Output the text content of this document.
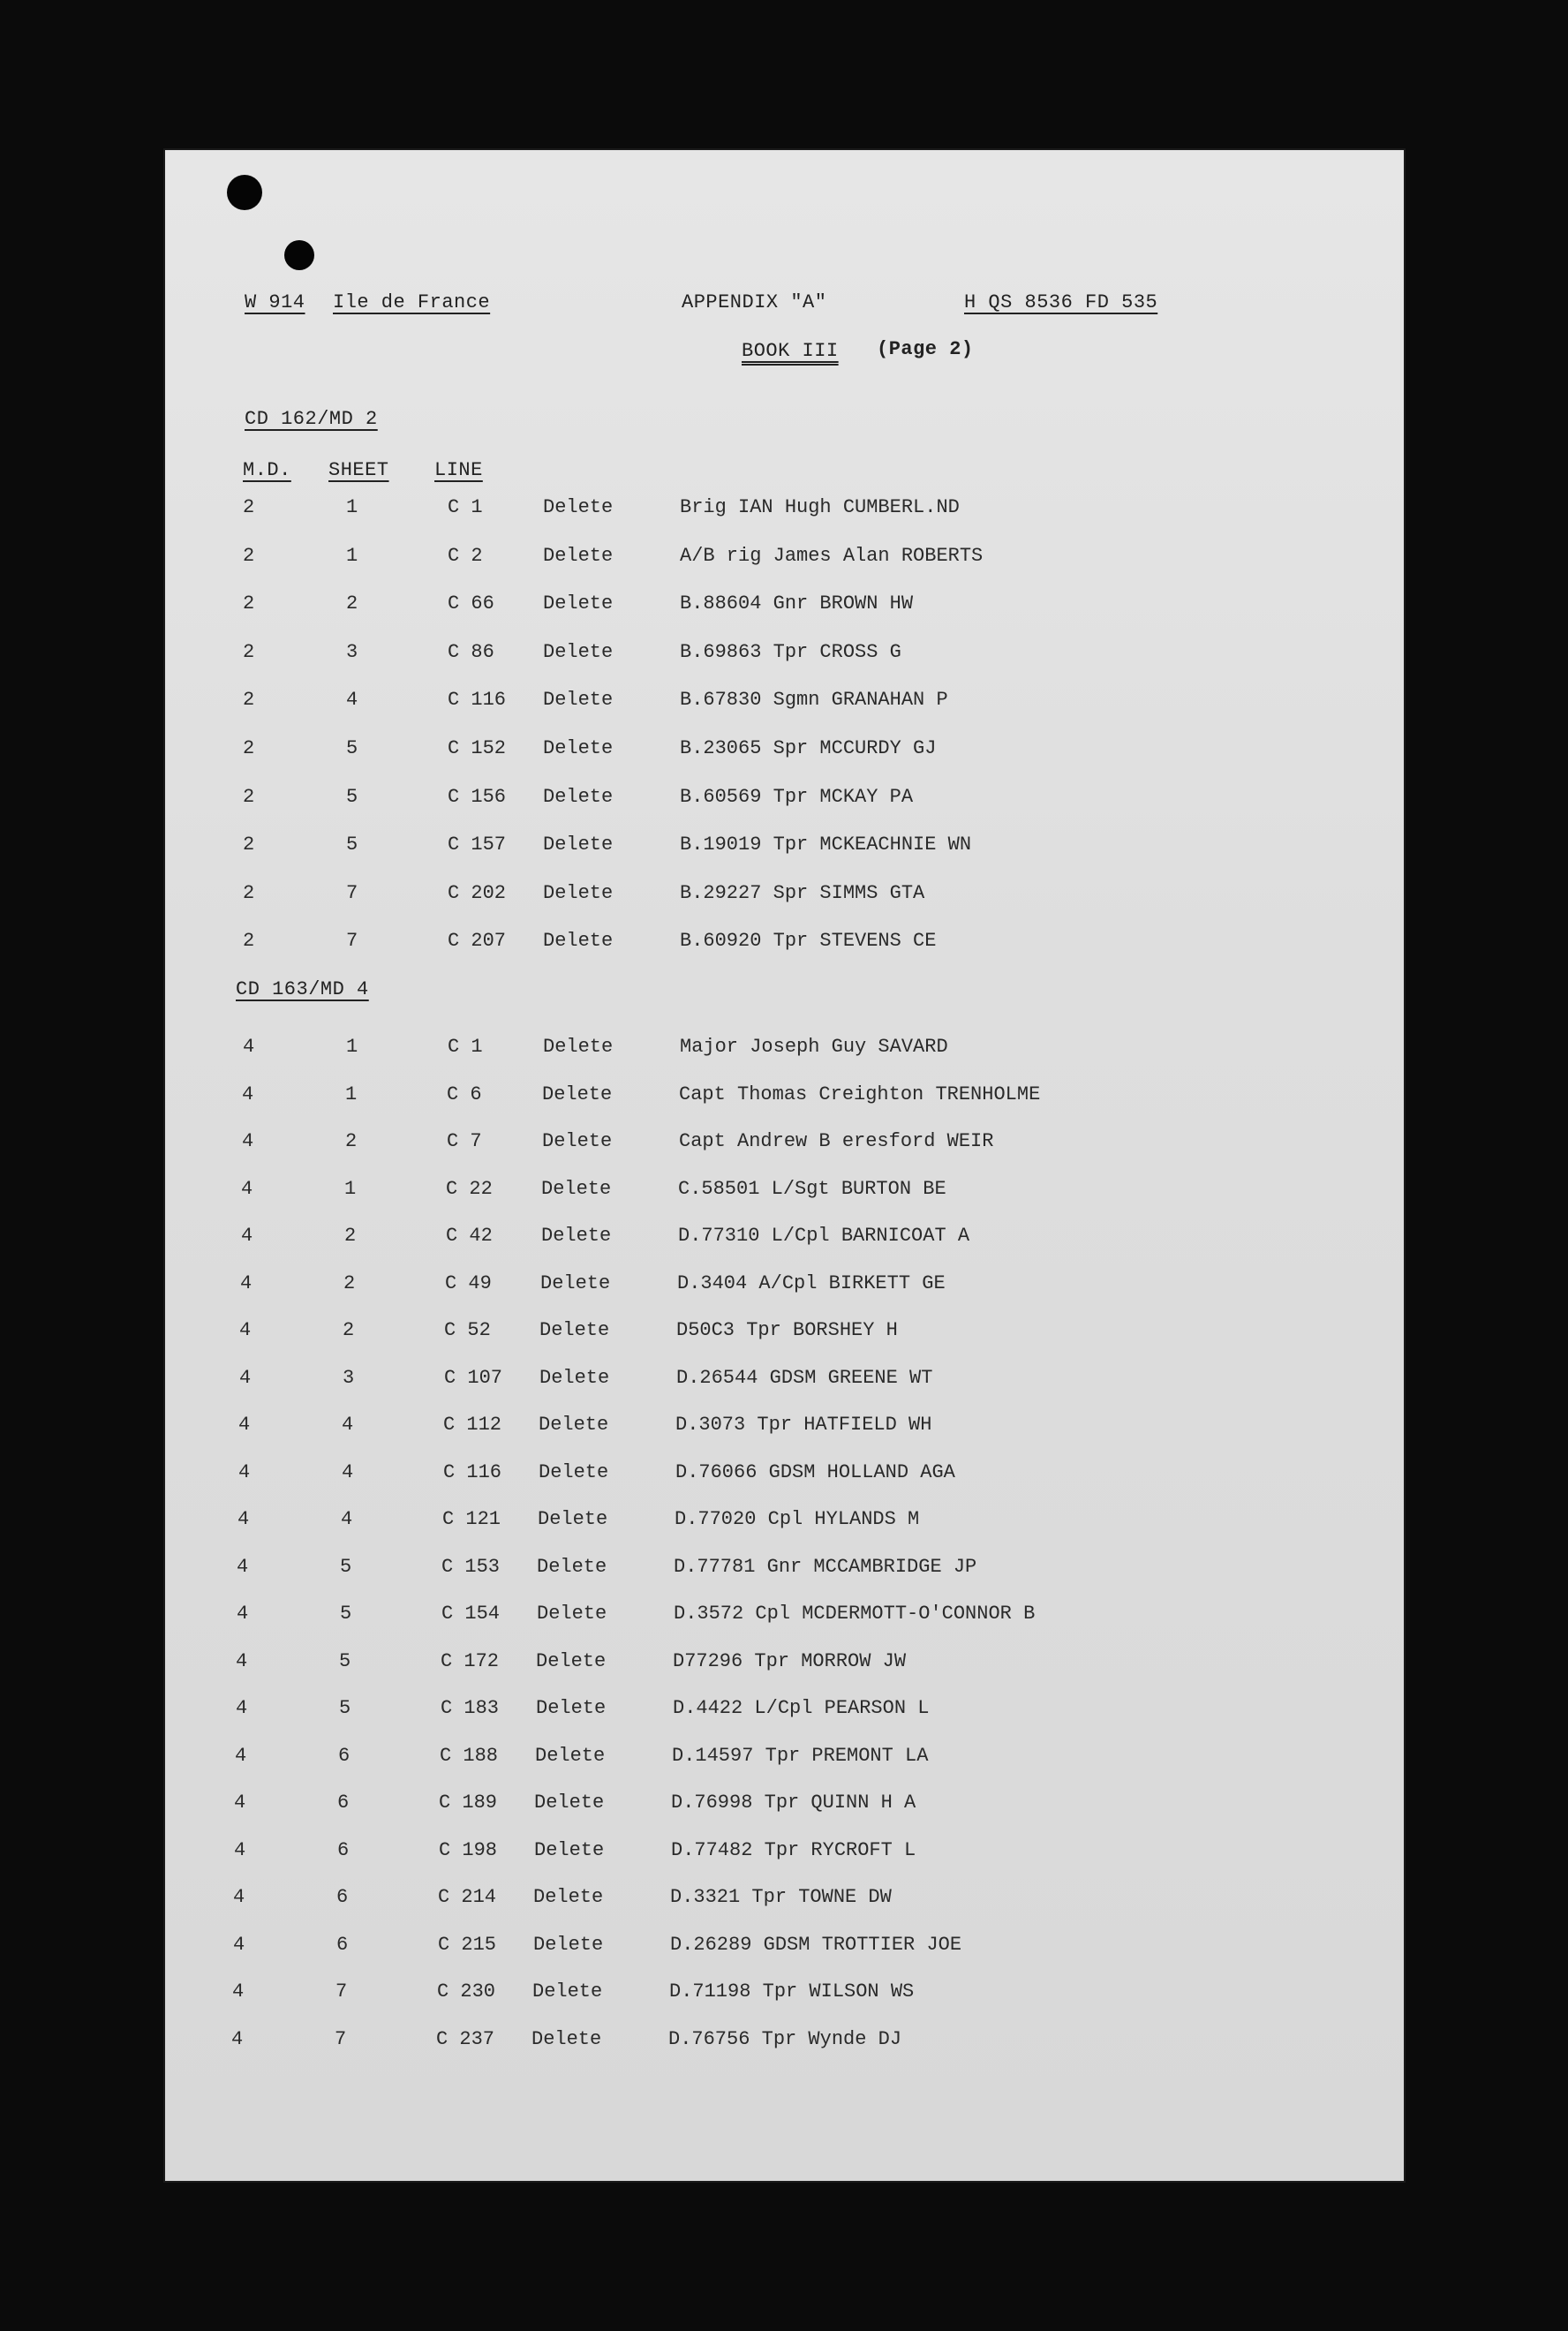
W 914 Ile de France	APPENDIX "A"	H QS 8536 FD 535
BOOK III (Page 2)
CD 162/MD 2
M.D. SHEET LINE
2	1	C 1	Delete	Brig IAN Hugh CUMBERL.ND
2	1	C 2	Delete	A/B rig James Alan ROBERTS
2	2	C 66	Delete	B.88604 Gnr BROWN HW
2	3	C 86	Delete	B.69863 Tpr CROSS G
2	4	C 116 Delete	B.67830 Sgmn GRANAHAN P
2	5	C 152 Delete	B.23065 Spr MCCURDY GJ
2	5	C 156 Delete	B.60569 Tpr MCKAY PA
2	5	C 157 Delete	B.19019 Tpr MCKEACHNIE WN
2	7	C 202 Delete	B.29227 Spr SIMMS GTA
2	7	C 207 Delete	B.60920 Tpr STEVENS CE
CD 163/MD 4
4	1	C 1	Delete	Major Joseph Guy SAVARD
4	1	C 6	Delete	Capt Thomas Creighton TRENHOLME
4	2	C 7	Delete	Capt Andrew B eresford WEIR
4	1	C 22	Delete	C.58501 L/Sgt BURTON BE
4	2	C 42	Delete	D.77310 L/Cpl BARNICOAT A
4	2	C 49	Delete	D.3404 A/Cpl BIRKETT GE
4	2	C 52	Delete	D50C3 Tpr BORSHEY H
4	3	C 107 Delete	D.26544 GDSM GREENE WT
4	4	C 112 Delete	D.3073 Tpr HATFIELD WH
4	4	C 116 Delete	D.76066 GDSM HOLLAND AGA
4	4	C 121 Delete	D.77020 Cpl HYLANDS M
4	5	C 153 Delete	D.77781 Gnr MCCAMBRIDGE JP
4	5	C 154 Delete	D.3572 Cpl MCDERMOTT-O'CONNOR B
4	5	C 172 Delete	D77296 Tpr MORROW JW
4	5	C 183 Delete	D.4422 L/Cpl PEARSON L
4	6	C 188 Delete	D.14597 Tpr PREMONT LA
4	6	C 189 Delete	D.76998 Tpr QUINN H A
4	6	C 198 Delete	D.77482 Tpr RYCROFT L
4	6	C 214 Delete	D.3321 Tpr TOWNE DW
4	6	C 215 Delete	D.26289 GDSM TROTTIER JOE
4	7	C 230 Delete	D.71198 Tpr WILSON WS
4	7	C 237 Delete	D.76756 Tpr Wynde DJ
